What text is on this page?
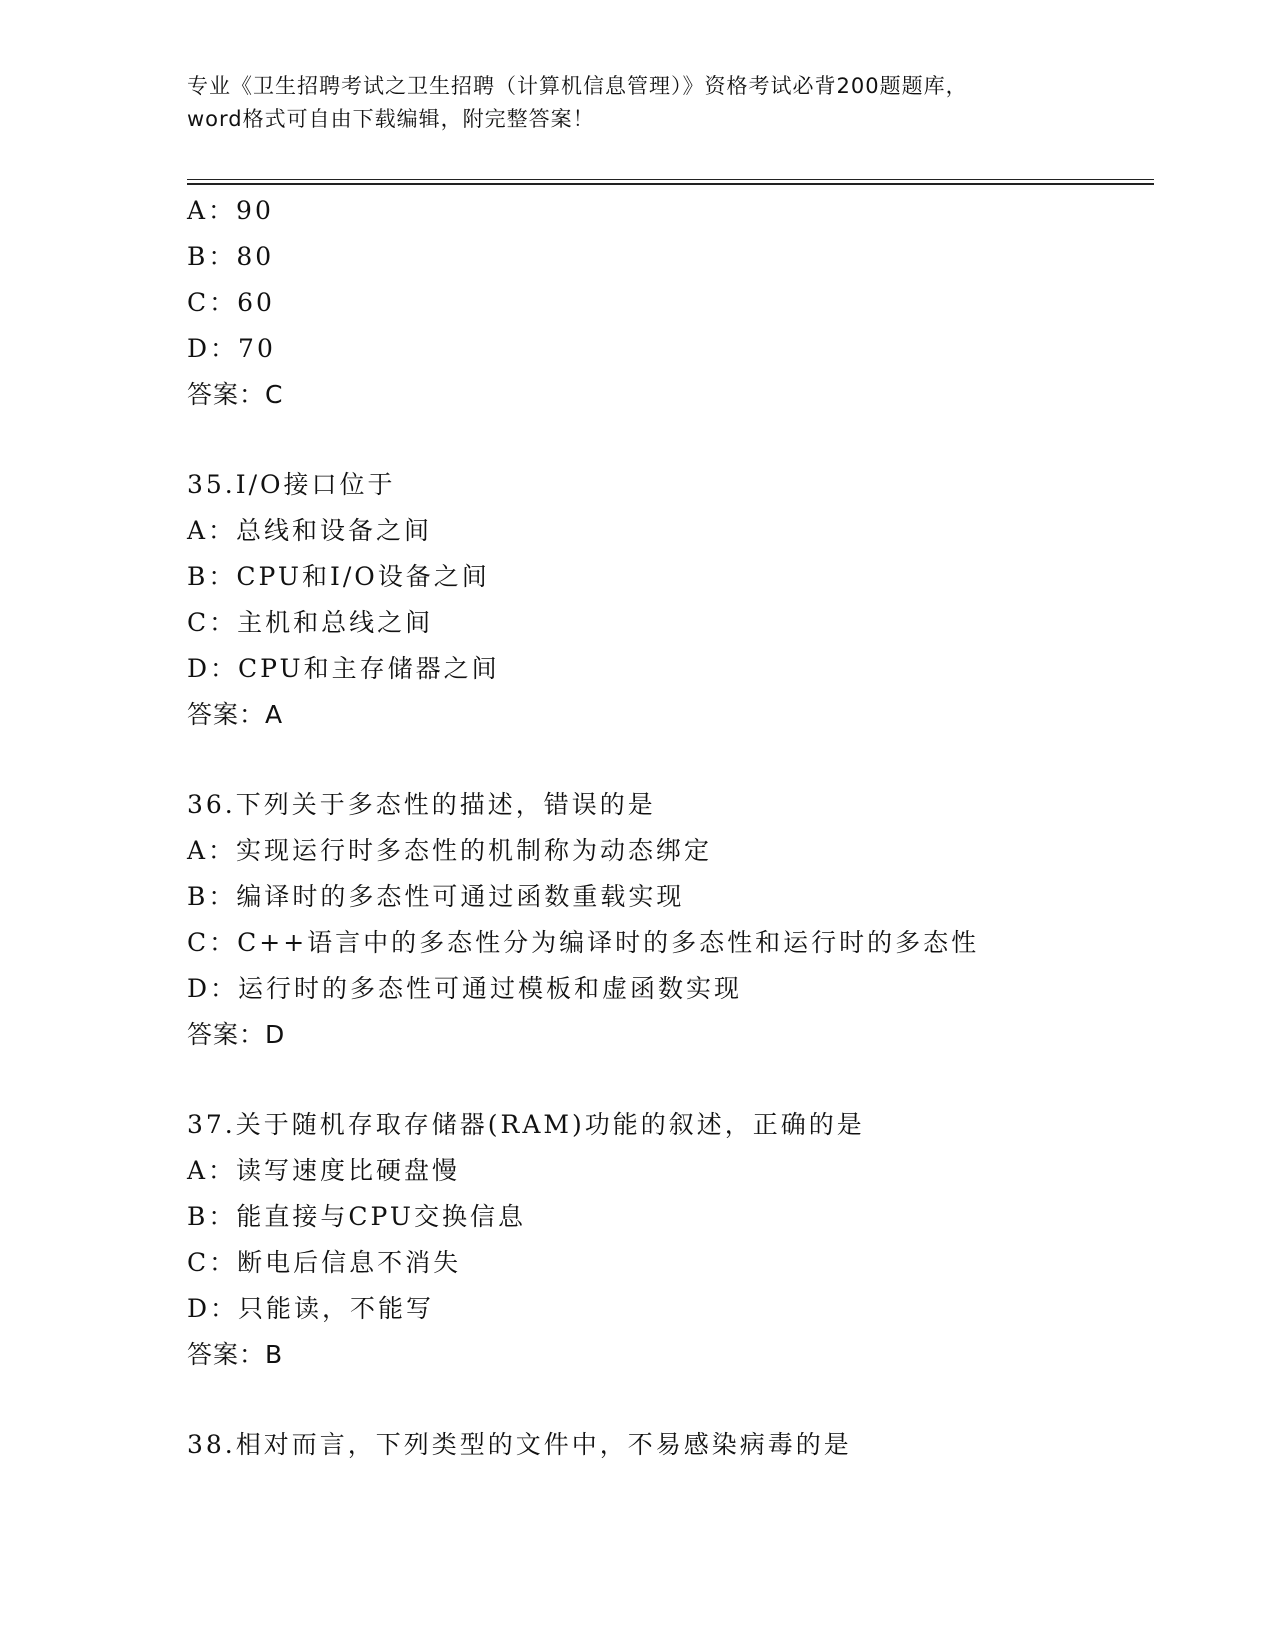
专业《卫生招聘考试之卫生招聘（计算机信息管理）》资格考试必背200题题库，
word格式可自由下载编辑，附完整答案！
A：90
B：80
C：60
D：70
答案：C
35.I/O接口位于
A：总线和设备之间
B：CPU和I/O设备之间
C：主机和总线之间
D：CPU和主存储器之间
答案：A
36.下列关于多态性的描述，错误的是
A：实现运行时多态性的机制称为动态绑定
B：编译时的多态性可通过函数重载实现
C：C++语言中的多态性分为编译时的多态性和运行时的多态性
D：运行时的多态性可通过模板和虚函数实现
答案：D
37.关于随机存取存储器(RAM)功能的叙述，正确的是
A：读写速度比硬盘慢
B：能直接与CPU交换信息
C：断电后信息不消失
D：只能读，不能写
答案：B
38.相对而言，下列类型的文件中，不易感染病毒的是
